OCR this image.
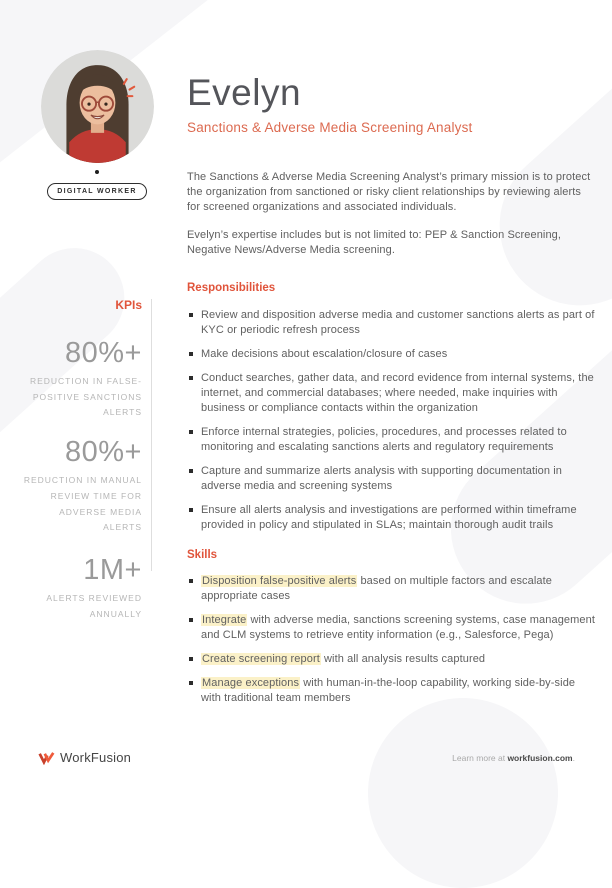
DIGITAL WORKER
Evelyn
Sanctions & Adverse Media Screening Analyst
KPIs
80%+
REDUCTION IN FALSE-POSITIVE SANCTIONS ALERTS
80%+
REDUCTION IN MANUAL REVIEW TIME FOR ADVERSE MEDIA ALERTS
1M+
ALERTS REVIEWED ANNUALLY

The Sanctions & Adverse Media Screening Analyst’s primary mission is to protect the organization from sanctioned or risky client relationships by reviewing alerts for screened organizations and associated individuals.

Evelyn’s expertise includes but is not limited to: PEP & Sanction Screening, Negative News/Adverse Media screening.

Responsibilities
Review and disposition adverse media and customer sanctions alerts as part of KYC or periodic refresh process
Make decisions about escalation/closure of cases
Conduct searches, gather data, and record evidence from internal systems, the internet, and commercial databases; where needed, make inquiries with business or compliance contacts within the organization
Enforce internal strategies, policies, procedures, and processes related to monitoring and escalating sanctions alerts and regulatory requirements
Capture and summarize alerts analysis with supporting documentation in adverse media and screening systems
Ensure all alerts analysis and investigations are performed within timeframe provided in policy and stipulated in SLAs; maintain thorough audit trails
Skills
Disposition false-positive alerts based on multiple factors and escalate appropriate cases
Integrate with adverse media, sanctions screening systems, case management and CLM systems to retrieve entity information (e.g., Salesforce, Pega)
Create screening report with all analysis results captured
Manage exceptions with human-in-the-loop capability, working side-by-side with traditional team members
WorkFusion	Learn more at workfusion.com.
